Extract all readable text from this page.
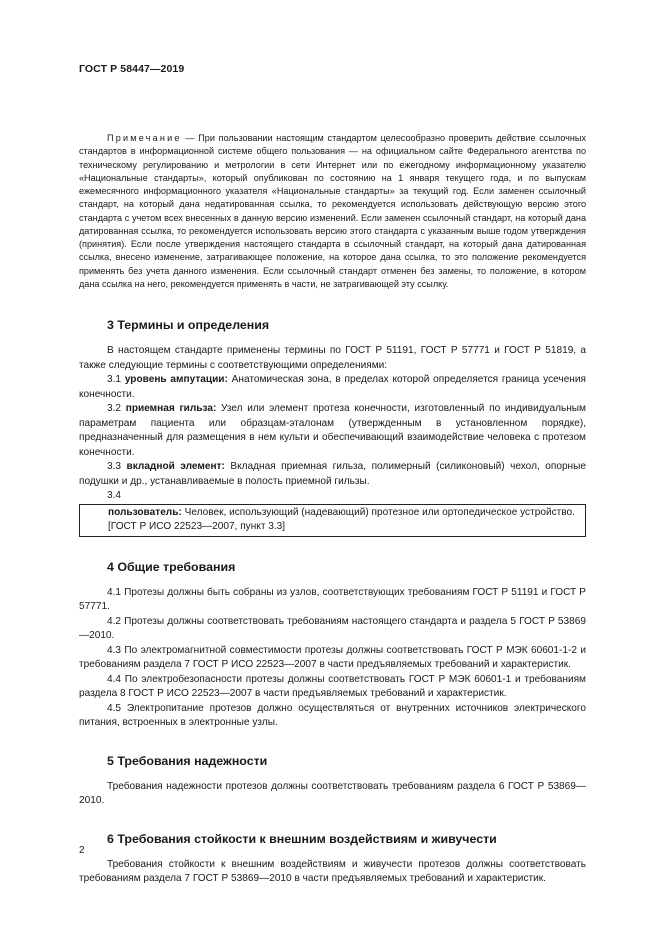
ГОСТ Р 58447—2019

Примечание — При пользовании настоящим стандартом целесообразно проверить действие ссылочных стандартов в информационной системе общего пользования — на официальном сайте Федерального агентства по техническому регулированию и метрологии в сети Интернет или по ежегодному информационному указателю «Национальные стандарты», который опубликован по состоянию на 1 января текущего года, и по выпускам ежемесячного информационного указателя «Национальные стандарты» за текущий год. Если заменен ссылочный стандарт, на который дана недатированная ссылка, то рекомендуется использовать действующую версию этого стандарта с учетом всех внесенных в данную версию изменений. Если заменен ссылочный стандарт, на который дана датированная ссылка, то рекомендуется использовать версию этого стандарта с указанным выше годом утверждения (принятия). Если после утверждения настоящего стандарта в ссылочный стандарт, на который дана датированная ссылка, внесено изменение, затрагивающее положение, на которое дана ссылка, то это положение рекомендуется применять без учета данного изменения. Если ссылочный стандарт отменен без замены, то положение, в котором дана ссылка на него, рекомендуется применять в части, не затрагивающей эту ссылку.

3 Термины и определения

В настоящем стандарте применены термины по ГОСТ Р 51191, ГОСТ Р 57771 и ГОСТ Р 51819, а также следующие термины с соответствующими определениями:

3.1 уровень ампутации: Анатомическая зона, в пределах которой определяется граница усечения конечности.

3.2 приемная гильза: Узел или элемент протеза конечности, изготовленный по индивидуальным параметрам пациента или образцам-эталонам (утвержденным в установленном порядке), предназначенный для размещения в нем культи и обеспечивающий взаимодействие человека с протезом конечности.

3.3 вкладной элемент: Вкладная приемная гильза, полимерный (силиконовый) чехол, опорные подушки и др., устанавливаемые в полость приемной гильзы.

3.4

пользователь: Человек, использующий (надевающий) протезное или ортопедическое устройство.

[ГОСТ Р ИСО 22523—2007, пункт 3.3]

4 Общие требования

4.1 Протезы должны быть собраны из узлов, соответствующих требованиям ГОСТ Р 51191 и ГОСТ Р 57771.

4.2 Протезы должны соответствовать требованиям настоящего стандарта и раздела 5 ГОСТ Р 53869—2010.

4.3 По электромагнитной совместимости протезы должны соответствовать ГОСТ Р МЭК 60601-1-2 и требованиям раздела 7 ГОСТ Р ИСО 22523—2007 в части предъявляемых требований и характеристик.

4.4 По электробезопасности протезы должны соответствовать ГОСТ Р МЭК 60601-1 и требованиям раздела 8 ГОСТ Р ИСО 22523—2007 в части предъявляемых требований и характеристик.

4.5 Электропитание протезов должно осуществляться от внутренних источников электрического питания, встроенных в электронные узлы.

5 Требования надежности

Требования надежности протезов должны соответствовать требованиям раздела 6 ГОСТ Р 53869—2010.

6 Требования стойкости к внешним воздействиям и живучести

Требования стойкости к внешним воздействиям и живучести протезов должны соответствовать требованиям раздела 7 ГОСТ Р 53869—2010 в части предъявляемых требований и характеристик.

2
